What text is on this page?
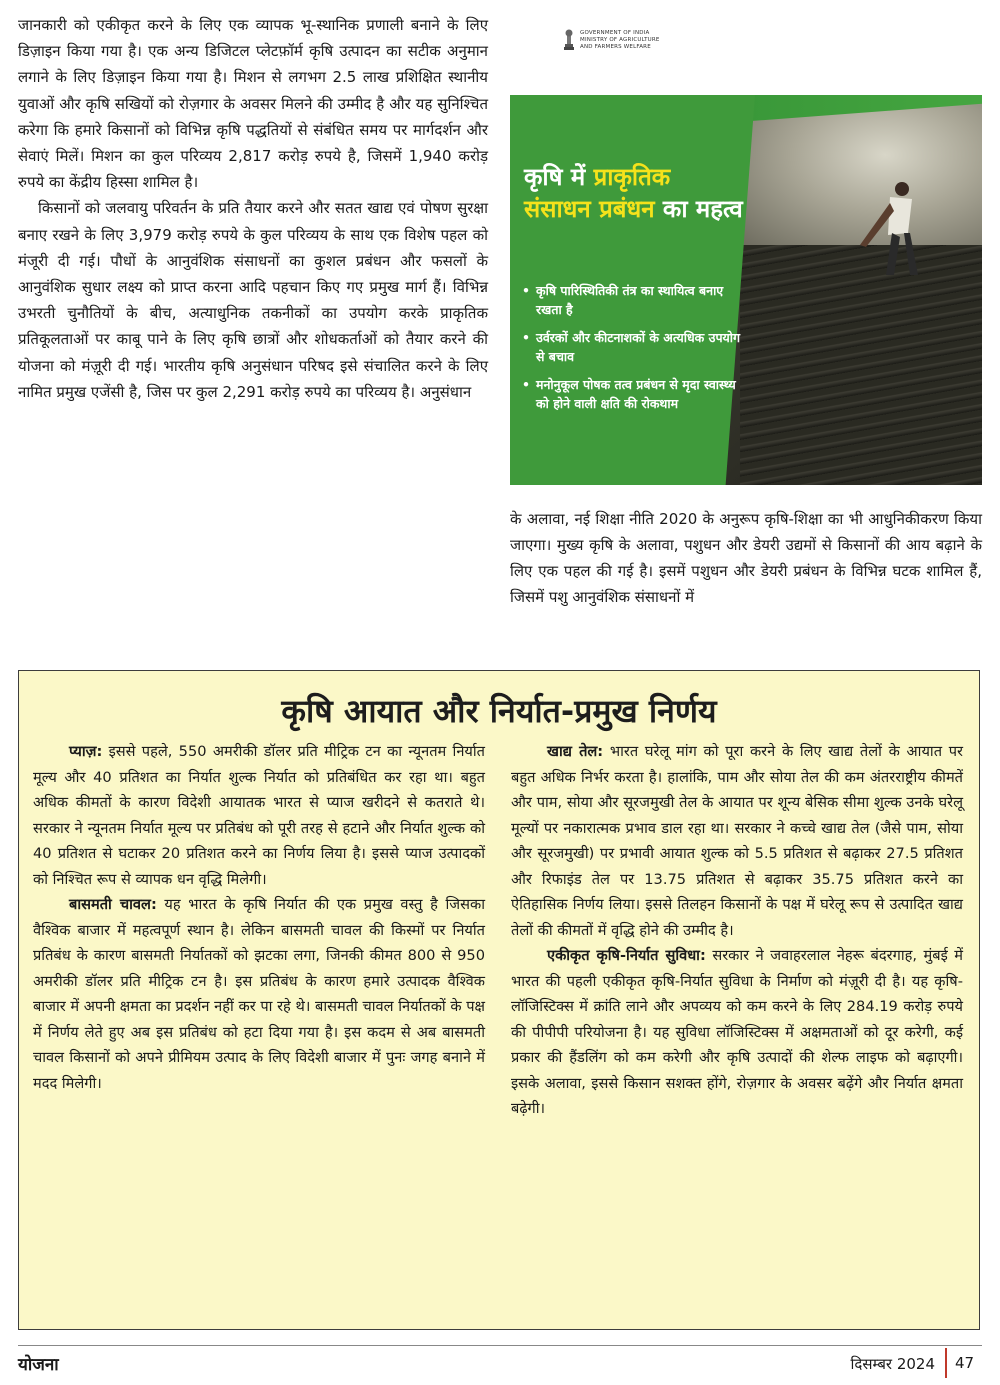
जानकारी को एकीकृत करने के लिए एक व्यापक भू-स्थानिक प्रणाली बनाने के लिए डिज़ाइन किया गया है। एक अन्य डिजिटल प्लेटफ़ॉर्म कृषि उत्पादन का सटीक अनुमान लगाने के लिए डिज़ाइन किया गया है। मिशन से लगभग 2.5 लाख प्रशिक्षित स्थानीय युवाओं और कृषि सखियों को रोज़गार के अवसर मिलने की उम्मीद है और यह सुनिश्चित करेगा कि हमारे किसानों को विभिन्न कृषि पद्धतियों से संबंधित समय पर मार्गदर्शन और सेवाएं मिलें। मिशन का कुल परिव्यय 2,817 करोड़ रुपये है, जिसमें 1,940 करोड़ रुपये का केंद्रीय हिस्सा शामिल है।

किसानों को जलवायु परिवर्तन के प्रति तैयार करने और सतत खाद्य एवं पोषण सुरक्षा बनाए रखने के लिए 3,979 करोड़ रुपये के कुल परिव्यय के साथ एक विशेष पहल को मंजूरी दी गई। पौधों के आनुवंशिक संसाधनों का कुशल प्रबंधन और फसलों के आनुवंशिक सुधार लक्ष्य को प्राप्त करना आदि पहचान किए गए प्रमुख मार्ग हैं। विभिन्न उभरती चुनौतियों के बीच, अत्याधुनिक तकनीकों का उपयोग करके प्राकृतिक प्रतिकूलताओं पर काबू पाने के लिए कृषि छात्रों और शोधकर्ताओं को तैयार करने की योजना को मंज़ूरी दी गई। भारतीय कृषि अनुसंधान परिषद इसे संचालित करने के लिए नामित प्रमुख एजेंसी है, जिस पर कुल 2,291 करोड़ रुपये का परिव्यय है। अनुसंधान

GOVERNMENT OF INDIA
MINISTRY OF AGRICULTURE
AND FARMERS WELFARE
कृषि में प्राकृतिक संसाधन प्रबंधन का महत्व
• कृषि पारिस्थितिकी तंत्र का स्थायित्व बनाए रखता है
• उर्वरकों और कीटनाशकों के अत्यधिक उपयोग से बचाव
• मनोनुकूल पोषक तत्व प्रबंधन से मृदा स्वास्थ्य को होने वाली क्षति की रोकथाम

के अलावा, नई शिक्षा नीति 2020 के अनुरूप कृषि-शिक्षा का भी आधुनिकीकरण किया जाएगा। मुख्य कृषि के अलावा, पशुधन और डेयरी उद्यमों से किसानों की आय बढ़ाने के लिए एक पहल की गई है। इसमें पशुधन और डेयरी प्रबंधन के विभिन्न घटक शामिल हैं, जिसमें पशु आनुवंशिक संसाधनों में

कृषि आयात और निर्यात-प्रमुख निर्णय

प्याज़: इससे पहले, 550 अमरीकी डॉलर प्रति मीट्रिक टन का न्यूनतम निर्यात मूल्य और 40 प्रतिशत का निर्यात शुल्क निर्यात को प्रतिबंधित कर रहा था। बहुत अधिक कीमतों के कारण विदेशी आयातक भारत से प्याज खरीदने से कतराते थे। सरकार ने न्यूनतम निर्यात मूल्य पर प्रतिबंध को पूरी तरह से हटाने और निर्यात शुल्क को 40 प्रतिशत से घटाकर 20 प्रतिशत करने का निर्णय लिया है। इससे प्याज उत्पादकों को निश्चित रूप से व्यापक धन वृद्धि मिलेगी।

बासमती चावल: यह भारत के कृषि निर्यात की एक प्रमुख वस्तु है जिसका वैश्विक बाजार में महत्वपूर्ण स्थान है। लेकिन बासमती चावल की किस्मों पर निर्यात प्रतिबंध के कारण बासमती निर्यातकों को झटका लगा, जिनकी कीमत 800 से 950 अमरीकी डॉलर प्रति मीट्रिक टन है। इस प्रतिबंध के कारण हमारे उत्पादक वैश्विक बाजार में अपनी क्षमता का प्रदर्शन नहीं कर पा रहे थे। बासमती चावल निर्यातकों के पक्ष में निर्णय लेते हुए अब इस प्रतिबंध को हटा दिया गया है। इस कदम से अब बासमती चावल किसानों को अपने प्रीमियम उत्पाद के लिए विदेशी बाजार में पुनः जगह बनाने में मदद मिलेगी।

खाद्य तेल: भारत घरेलू मांग को पूरा करने के लिए खाद्य तेलों के आयात पर बहुत अधिक निर्भर करता है। हालांकि, पाम और सोया तेल की कम अंतरराष्ट्रीय कीमतें और पाम, सोया और सूरजमुखी तेल के आयात पर शून्य बेसिक सीमा शुल्क उनके घरेलू मूल्यों पर नकारात्मक प्रभाव डाल रहा था। सरकार ने कच्चे खाद्य तेल (जैसे पाम, सोया और सूरजमुखी) पर प्रभावी आयात शुल्क को 5.5 प्रतिशत से बढ़ाकर 27.5 प्रतिशत और रिफाइंड तेल पर 13.75 प्रतिशत से बढ़ाकर 35.75 प्रतिशत करने का ऐतिहासिक निर्णय लिया। इससे तिलहन किसानों के पक्ष में घरेलू रूप से उत्पादित खाद्य तेलों की कीमतों में वृद्धि होने की उम्मीद है।

एकीकृत कृषि-निर्यात सुविधा: सरकार ने जवाहरलाल नेहरू बंदरगाह, मुंबई में भारत की पहली एकीकृत कृषि-निर्यात सुविधा के निर्माण को मंज़ूरी दी है। यह कृषि-लॉजिस्टिक्स में क्रांति लाने और अपव्यय को कम करने के लिए 284.19 करोड़ रुपये की पीपीपी परियोजना है। यह सुविधा लॉजिस्टिक्स में अक्षमताओं को दूर करेगी, कई प्रकार की हैंडलिंग को कम करेगी और कृषि उत्पादों की शेल्फ लाइफ को बढ़ाएगी। इसके अलावा, इससे किसान सशक्त होंगे, रोज़गार के अवसर बढ़ेंगे और निर्यात क्षमता बढ़ेगी।

योजना	दिसम्बर 2024 47
